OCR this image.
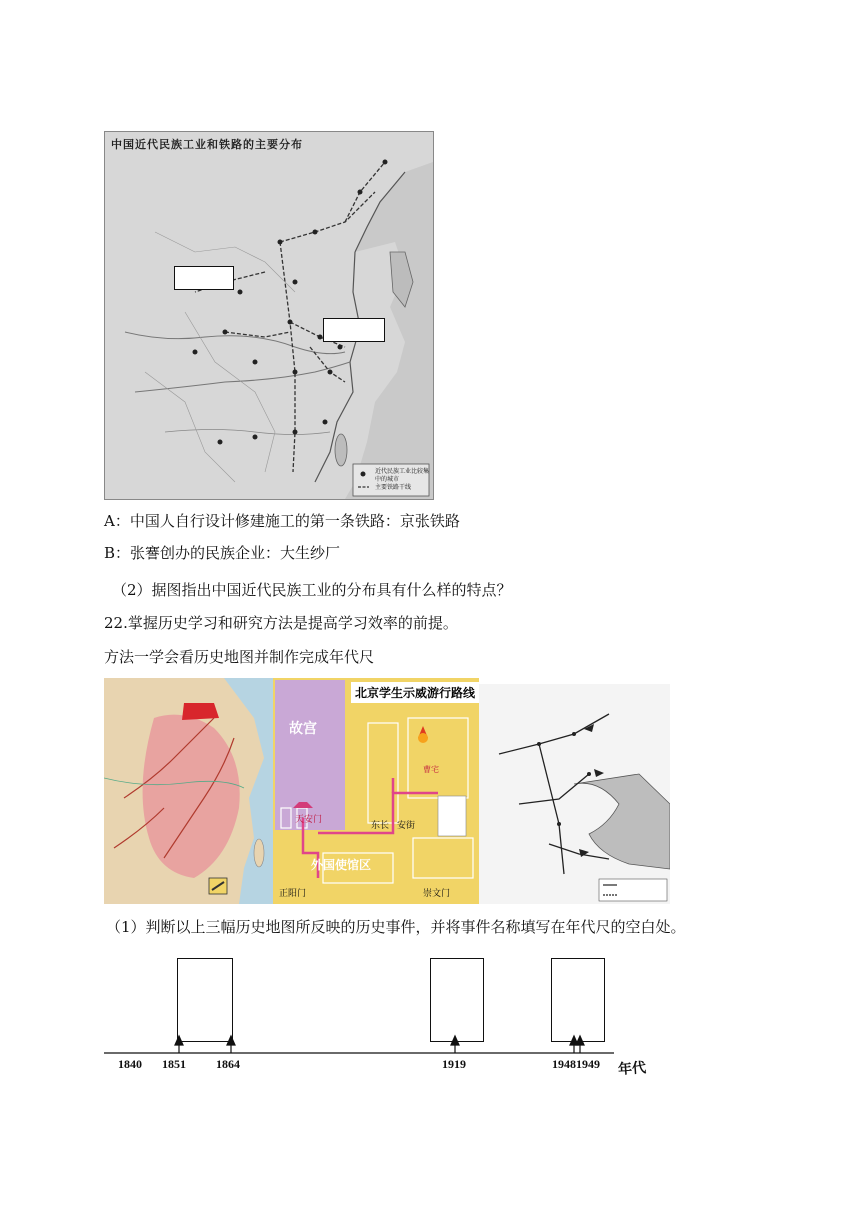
中国近代民族工业和铁路的主要分布
近代民族工业比较集中的城市
主要铁路干线
A：中国人自行设计修建施工的第一条铁路：京张铁路
B：张謇创办的民族企业：大生纱厂
（2）据图指出中国近代民族工业的分布具有什么样的特点？
22.掌握历史学习和研究方法是提高学习效率的前提。
方法一学会看历史地图并制作完成年代尺
北京学生示威游行路线
故宫
天安门
外国使馆区
正阳门	崇文门
东长 安街
曹宅
（1）判断以上三幅历史地图所反映的历史事件，并将事件名称填写在年代尺的空白处。
1840 1851	1864	1919	19481949 年代
